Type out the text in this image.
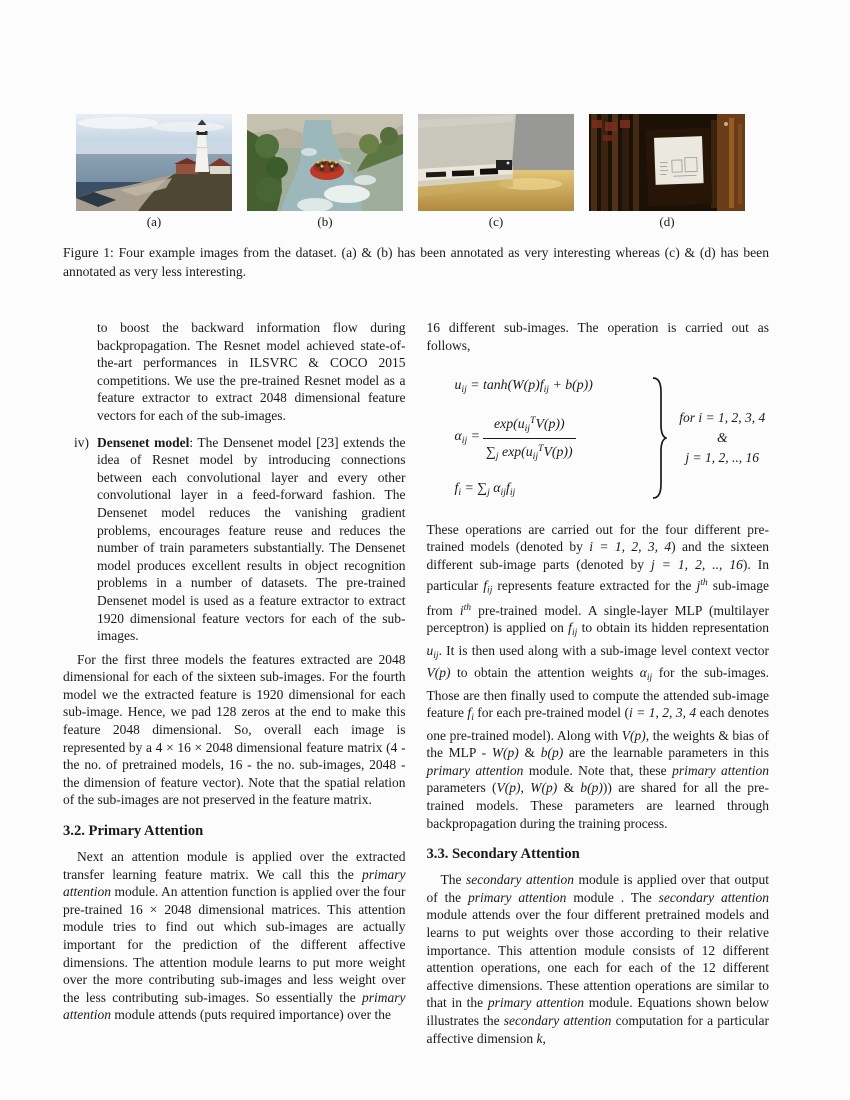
(a)	(b)	(c)	(d)

Figure 1: Four example images from the dataset. (a) & (b) has been annotated as very interesting whereas (c) & (d) has been annotated as very less interesting.

to boost the backward information flow during backpropagation. The Resnet model achieved state-of-the-art performances in ILSVRC & COCO 2015 competitions. We use the pre-trained Resnet model as a feature extractor to extract 2048 dimensional feature vectors for each of the sub-images.

iv) Densenet model: The Densenet model [23] extends the idea of Resnet model by introducing connections between each convolutional layer and every other convolutional layer in a feed-forward fashion. The Densenet model reduces the vanishing gradient problems, encourages feature reuse and reduces the number of train parameters substantially. The Densenet model produces excellent results in object recognition problems in a number of datasets. The pre-trained Densenet model is used as a feature extractor to extract 1920 dimensional feature vectors for each of the sub-images.

For the first three models the features extracted are 2048 dimensional for each of the sixteen sub-images. For the fourth model we the extracted feature is 1920 dimensional for each sub-image. Hence, we pad 128 zeros at the end to make this feature 2048 dimensional. So, overall each image is represented by a 4 × 16 × 2048 dimensional feature matrix (4 - the no. of pretrained models, 16 - the no. sub-images, 2048 - the dimension of feature vector). Note that the spatial relation of the sub-images are not preserved in the feature matrix.

3.2. Primary Attention

Next an attention module is applied over the extracted transfer learning feature matrix. We call this the primary attention module. An attention function is applied over the four pre-trained 16 × 2048 dimensional matrices. This attention module tries to find out which sub-images are actually important for the prediction of the different affective dimensions. The attention module learns to put more weight over the more contributing sub-images and less weight over the less contributing sub-images. So essentially the primary attention module attends (puts required importance) over the

16 different sub-images. The operation is carried out as follows,

$u_{ij} = \tanh(W(p)f_{ij} + b(p))$
$\alpha_{ij} = \frac{\exp(u_{ij}^TV(p))}{\sum_j \exp(u_{ij}^TV(p))}$
$f_i = \sum_j$ $\alpha_{ij}f_{ij}$
for i = 1, 2, 3, 4 &
j = 1, 2, .., 16

These operations are carried out for the four different pre-trained models (denoted by i = 1, 2, 3, 4) and the sixteen different sub-image parts (denoted by j = 1, 2, .., 16). In particular $f_{ij}$ represents feature extracted for the $j^{th}$ sub-image from $i^{th}$ pre-trained model. A single-layer MLP (multilayer perceptron) is applied on $f_{ij}$ to obtain its hidden representation $u_{ij}$. It is then used along with a sub-image level context vector V(p) to obtain the attention weights $\alpha_{ij}$ for the sub-images. Those are then finally used to compute the attended sub-image feature $f_i$ for each pre-trained model (i = 1, 2, 3, 4 each denotes one pre-trained model). Along with V(p), the weights & bias of the MLP - W(p) & b(p) are the learnable parameters in this primary attention module. Note that, these primary attention parameters (V(p), W(p) & b(p))) are shared for all the pre-trained models. These parameters are learned through backpropagation during the training process.

3.3. Secondary Attention

The secondary attention module is applied over that output of the primary attention module . The secondary attention module attends over the four different pretrained models and learns to put weights over those according to their relative importance. This attention module consists of 12 different attention operations, one each for each of the 12 different affective dimensions. These attention operations are similar to that in the primary attention module. Equations shown below illustrates the secondary attention computation for a particular affective dimension k,
